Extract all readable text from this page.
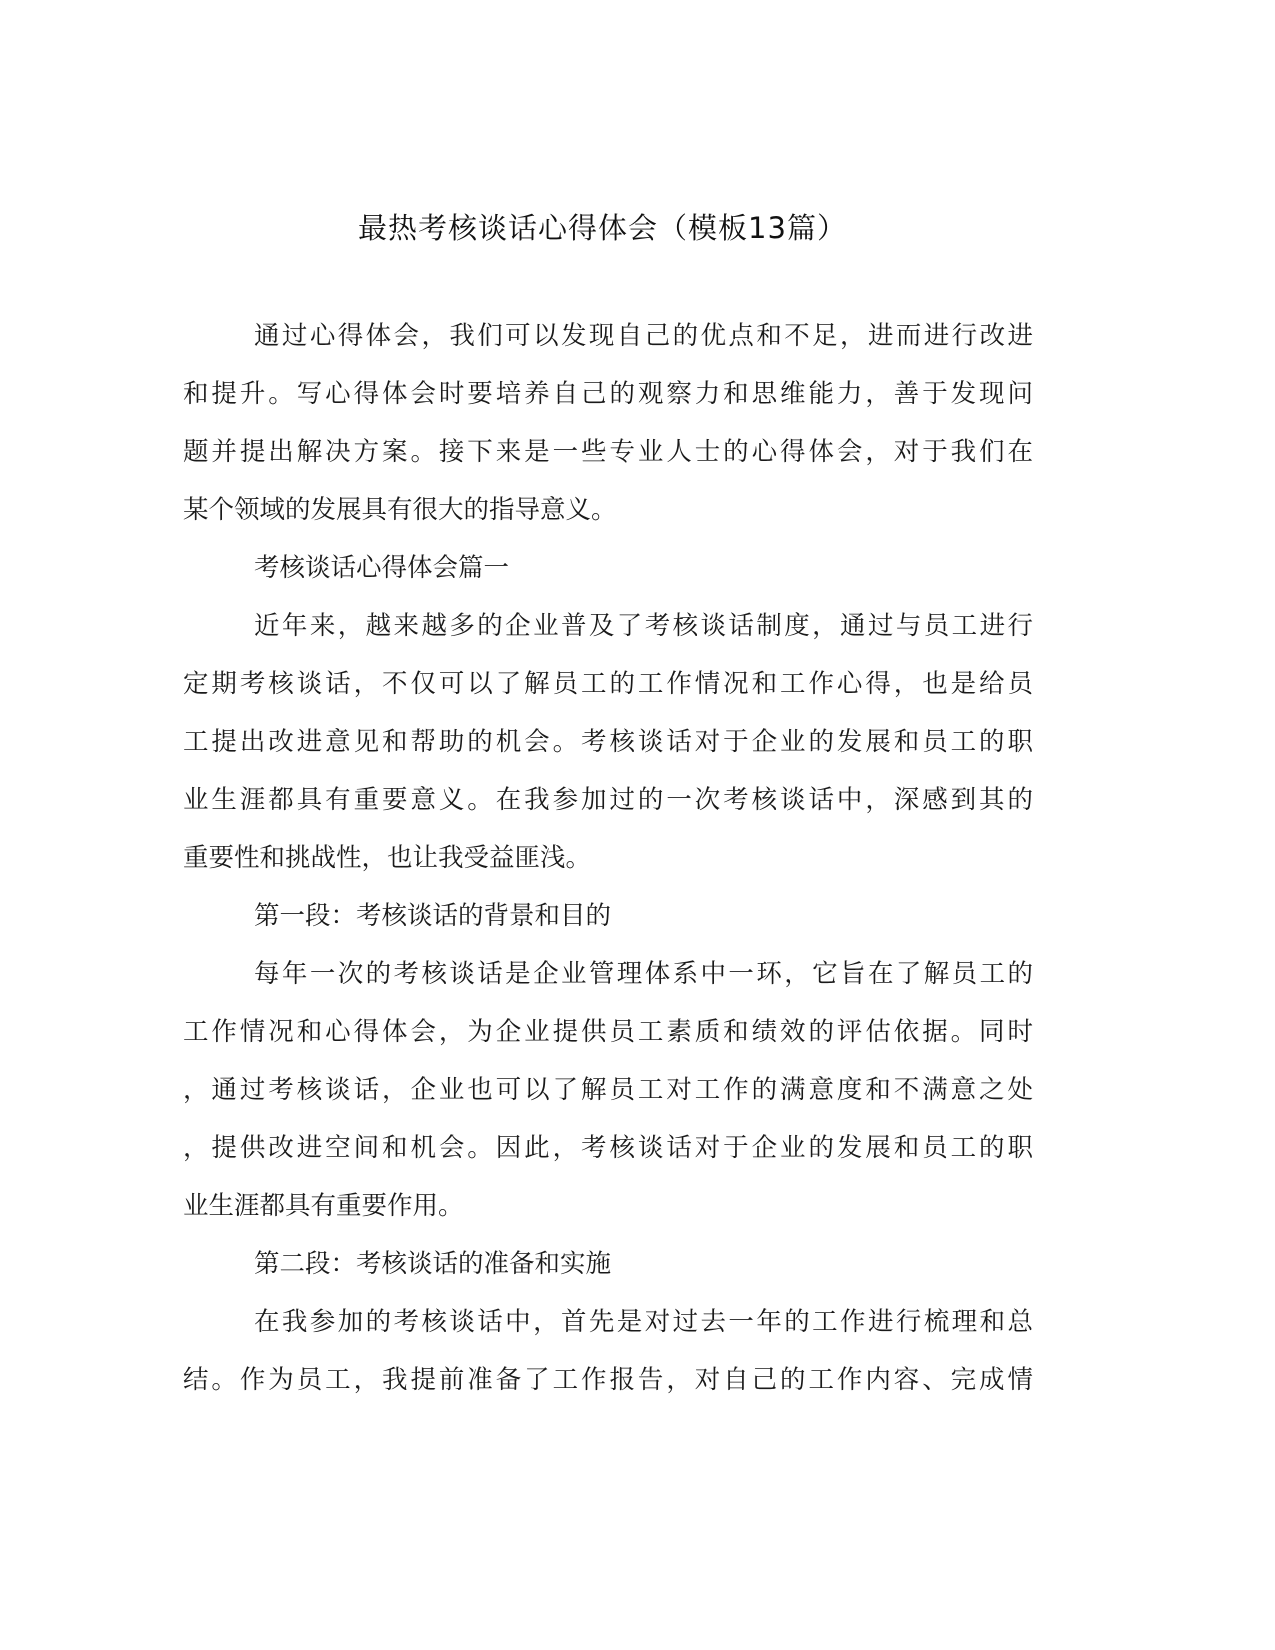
最热考核谈话心得体会（模板13篇）
通过心得体会，我们可以发现自己的优点和不足，进而进行改进
和提升。写心得体会时要培养自己的观察力和思维能力，善于发现问
题并提出解决方案。接下来是一些专业人士的心得体会，对于我们在
某个领域的发展具有很大的指导意义。
考核谈话心得体会篇一
近年来，越来越多的企业普及了考核谈话制度，通过与员工进行
定期考核谈话，不仅可以了解员工的工作情况和工作心得，也是给员
工提出改进意见和帮助的机会。考核谈话对于企业的发展和员工的职
业生涯都具有重要意义。在我参加过的一次考核谈话中，深感到其的
重要性和挑战性，也让我受益匪浅。
第一段：考核谈话的背景和目的
每年一次的考核谈话是企业管理体系中一环，它旨在了解员工的
工作情况和心得体会，为企业提供员工素质和绩效的评估依据。同时
，通过考核谈话，企业也可以了解员工对工作的满意度和不满意之处
，提供改进空间和机会。因此，考核谈话对于企业的发展和员工的职
业生涯都具有重要作用。
第二段：考核谈话的准备和实施
在我参加的考核谈话中，首先是对过去一年的工作进行梳理和总
结。作为员工，我提前准备了工作报告，对自己的工作内容、完成情
